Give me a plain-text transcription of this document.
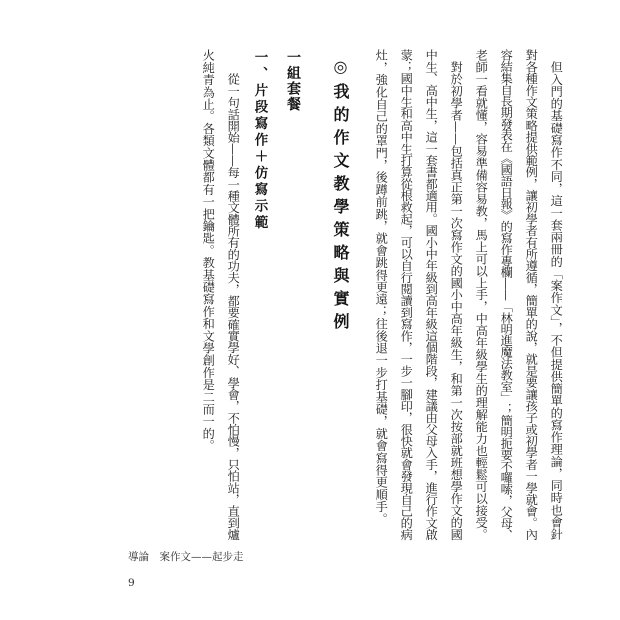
但入門的基礎寫作不同，這一套兩冊的「案作文」，不但提供簡單的寫作理論，同時也會針
對各種作文策略提供範例，讓初學者有所遵循，簡單的說，就是要讓孩子或初學者一學就會。內
容結集自長期發表在《國語日報》的寫作專欄——「林明進魔法教室」；簡明扼要不囉嗦，父母、
老師一看就懂，容易準備容易教，馬上可以上手，中高年級學生的理解能力也輕鬆可以接受。
對於初學者——包括真正第一次寫作文的國小中高年級生，和第一次按部就班想學作文的國
中生、高中生，這一套書都適用。國小中年級到高年級這個階段，建議由父母入手，進行作文啟
蒙；國中生和高中生打算從根救起，可以自行閱讀到寫作，一步一腳印，很快就會發現自己的病
灶，強化自己的罩門，後蹲前跳，就會跳得更遠；往後退一步打基礎，就會寫得更順手。
◎我的作文教學策略與實例
一組套餐
一、片段寫作＋仿寫示範
從一句話開始——每一種文體所有的功夫，都要確實學好、學會，不怕慢，只怕站，直到爐
火純青為止。各類文體都有一把鑰匙。教基礎寫作和文學創作是二而一的。
導論　案作文——起步走
9
